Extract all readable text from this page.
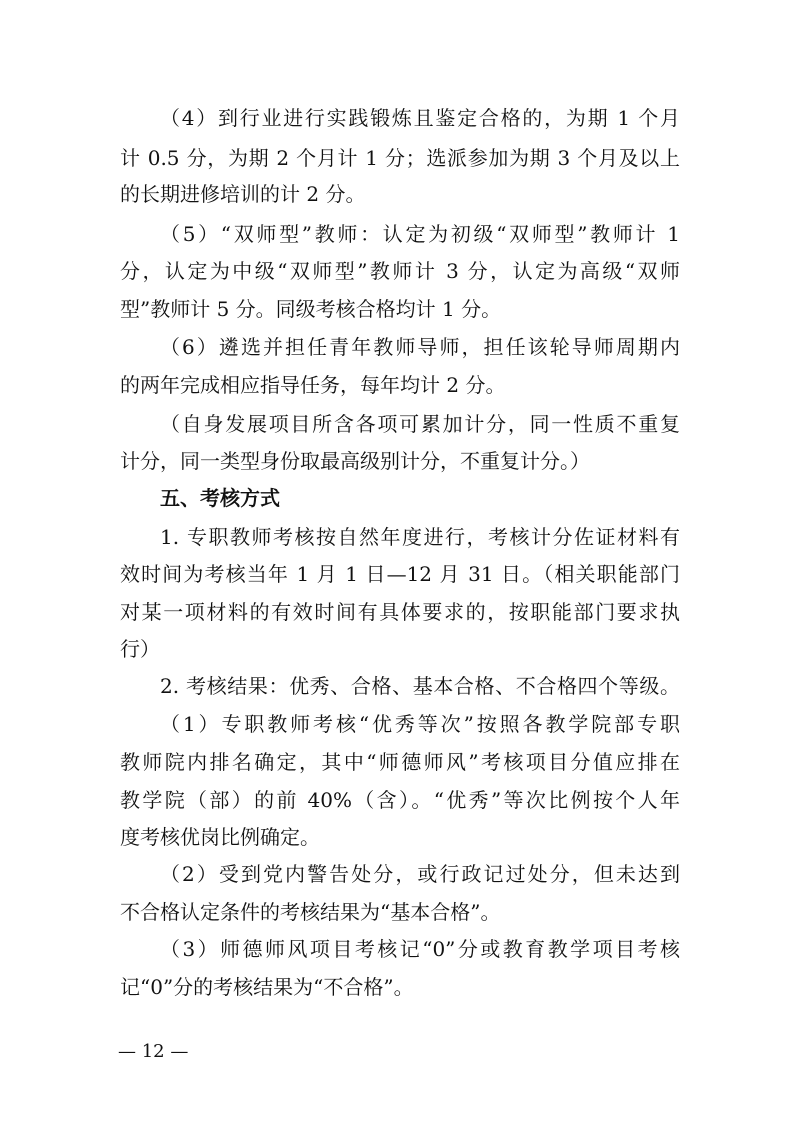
（4）到行业进行实践锻炼且鉴定合格的，为期 1 个月
计 0.5 分，为期 2 个月计 1 分；选派参加为期 3 个月及以上
的长期进修培训的计 2 分。
（5）“双师型”教师：认定为初级“双师型”教师计 1
分，认定为中级“双师型”教师计 3 分，认定为高级“双师
型”教师计 5 分。同级考核合格均计 1 分。
（6）遴选并担任青年教师导师，担任该轮导师周期内
的两年完成相应指导任务，每年均计 2 分。
（自身发展项目所含各项可累加计分，同一性质不重复
计分，同一类型身份取最高级别计分，不重复计分。）
五、考核方式
1. 专职教师考核按自然年度进行，考核计分佐证材料有
效时间为考核当年 1 月 1 日—12 月 31 日。（相关职能部门
对某一项材料的有效时间有具体要求的，按职能部门要求执
行）
2. 考核结果：优秀、合格、基本合格、不合格四个等级。
（1）专职教师考核“优秀等次”按照各教学院部专职
教师院内排名确定，其中“师德师风”考核项目分值应排在
教学院（部）的前 40%（含）。“优秀”等次比例按个人年
度考核优岗比例确定。
（2）受到党内警告处分，或行政记过处分，但未达到
不合格认定条件的考核结果为“基本合格”。
（3）师德师风项目考核记“0”分或教育教学项目考核
记“0”分的考核结果为“不合格”。
— 12 —
